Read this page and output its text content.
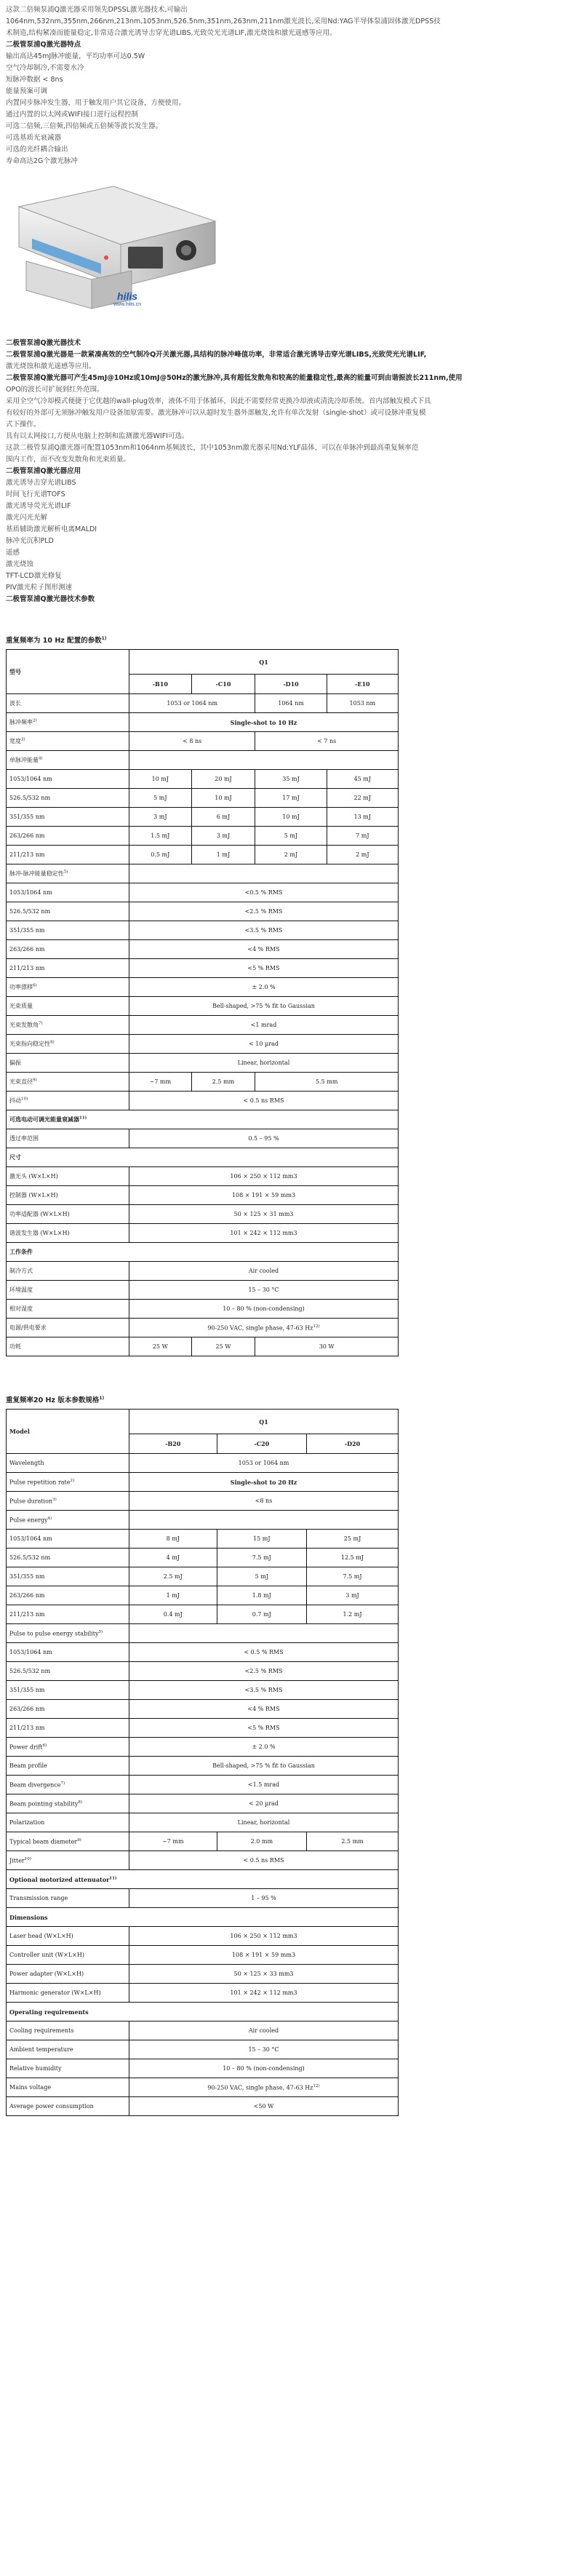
这款二倍频泵浦Q激光器采用领先DPSSL激光器技术,可输出

1064nm,532nm,355nm,266nm,213nm,1053nm,526.5nm,351nm,263nm,211nm激光波长,采用Nd:YAG半导体泵浦固体激光DPSS技

术制造,结构紧凑而能量稳定,非常适合激光诱导击穿光谱LIBS,光致荧光光谱LIF,激光烧蚀和激光遥感等应用。

二极管泵浦Q激光器特点

输出高达45mJ脉冲能量，平均功率可达0.5W

空气冷却制冷,不需要水冷

短脉冲数据 < 8ns

能量预案可调

内置同步脉冲发生器，用于触发用户其它设备，方便使用。

通过内置的以太网或WIFI接口进行远程控制

可选二倍频,三倍频,四倍频或五倍频等波长发生器。

可选基质光衰减器

可选的光纤耦合输出

寿命高达2G个激光脉冲

hilis
www.hilis.cn

二极管泵浦Q激光器技术

二极管泵浦Q激光器是一款紧凑高效的空气制冷Q开关激光器,具结构的脉冲峰值功率，非常适合激光诱导击穿光谱LIBS,光致荧光光谱LIF,

激光烧蚀和激光遥感等应用。

二极管泵浦Q激光器可产生45mJ@10Hz或10mJ@50Hz的激光脉冲,具有超低发散角和较高的能量稳定性,最高的能量可到由谐振波长211nm,使用

OPO的波长可扩展到红外范围。

采用全空气冷却模式便捷于它优越的wall-plug效率，液体不用于体循环，因此不需要经常更换冷却液或清洗冷却系统。首内部触发模式下具

有较好的外部可无须脉冲触发用户设备加原需要。激光脉冲可以从超时发生器外部触发,允许有单次发射（single-shot）或可设脉冲重复模

式下操作。

具有以太网接口,方便从电脑上控制和监测激光器WIFI可选。

这款二极管泵浦Q激光器可配置1053nm和1064nm基频波长，其中1053nm激光器采用Nd:YLF晶体，可以在单脉冲到最高重复频率范

围内工作，而不改变发散角和光束质量。

二极管泵浦Q激光器应用

激光诱导击穿光谱LIBS

时间飞行光谱TOFS

激光诱导荧光光谱LIF

激光闪光光解

基质辅助激光解析电离MALDI

脉冲光沉积PLD

遥感

激光烧蚀

TFT-LCD激光修复

PIV激光粒子图形测速

二极管泵浦Q激光器技术参数

重复频率为 10 Hz 配置的参数$^{1)}$
型号	Q1			
	-B10	-C10	-D10	-E10
波长	1053 or 1064 nm		1064 nm	1053 nm
脉冲频率$^{2)}$	Single-shot to 10 Hz			
宽度$^{3)}$	< 8 ns		< 7 ns	
单脉冲能量$^{4)}$	
1053/1064 nm	10 mJ	20 mJ	35 mJ	45 mJ
526.5/532 nm	5 mJ	10 mJ	17 mJ	22 mJ
351/355 nm	3 mJ	6 mJ	10 mJ	13 mJ
263/266 nm	1.5 mJ	3 mJ	5 mJ	7 mJ
211/213 nm	0.5 mJ	1 mJ	2 mJ	2 mJ
脉冲-脉冲能量稳定性$^{5)}$	
1053/1064 nm	<0.5 % RMS			
526.5/532 nm	<2.5 % RMS			
351/355 nm	<3.5 % RMS			
263/266 nm	<4 % RMS			
211/213 nm	<5 % RMS			
功率漂移$^{6)}$	± 2.0 %			
光束质量	Bell-shaped, >75 % fit to Gaussian			
光束发散角$^{7)}$	<1 mrad			
光束指向稳定性$^{8)}$	< 10 µrad			
偏振	Linear, horizontal			
光束直径$^{9)}$	~7 mm	2.5 mm	5.5 mm	
抖动$^{10)}$	< 0.5 ns RMS			
可选电动可调光能量衰减器$^{11)}$
透过率范围	0.5 – 95 %			
尺寸				
激光头 (W×L×H)	106 × 250 × 112 mm3			
控制器 (W×L×H)	108 × 191 × 59 mm3			
功率适配器 (W×L×H)	50 × 125 × 31 mm3			
谐波发生器 (W×L×H)	101 × 242 × 112 mm3			
工作条件				
制冷方式	Air cooled			
环境温度	15 – 30 °C			
相对湿度	10 – 80 % (non-condensing)			
电源/供电要求	90-250 VAC, single phase, 47-63 Hz$^{12)}$
功耗	25 W	25 W	30 W	
重复频率20 Hz 版本参数规格$^{1)}$
Model	Q1		
	-B20	-C20	-D20
Wavelength	1053 or 1064 nm		
Pulse repetition rate$^{2)}$	Single-shot to 20 Hz		
Pulse duration$^{3)}$	<8 ns		
Pulse energy$^{4)}$	
1053/1064 nm	8 mJ	15 mJ	25 mJ
526.5/532 nm	4 mJ	7.5 mJ	12.5 mJ
351/355 nm	2.5 mJ	5 mJ	7.5 mJ
263/266 nm	1 mJ	1.8 mJ	3 mJ
211/213 nm	0.4 mJ	0.7 mJ	1.2 mJ
Pulse to pulse energy stability$^{5)}$	
1053/1064 nm	< 0.5 % RMS		
526.5/532 nm	<2.5 % RMS		
351/355 nm	<3.5 % RMS		
263/266 nm	<4 % RMS		
211/213 nm	<5 % RMS		
Power drift$^{6)}$	± 2.0 %		
Beam profile	Bell-shaped, >75 % fit to Gaussian		
Beam divergence$^{7)}$	<1.5 mrad		
Beam pointing stability$^{8)}$	< 20 µrad		
Polarization	Linear, horizontal		
Typical beam diameter$^{9)}$	~7 mm	2.0 mm	2.5 mm
Jitter$^{10)}$	< 0.5 ns RMS		
Optional motorized attenuator$^{11)}$
Transmission range	1 – 95 %		
Dimensions			
Laser head (W×L×H)	106 × 250 × 112 mm3		
Controller unit (W×L×H)	108 × 191 × 59 mm3		
Power adapter (W×L×H)	50 × 125 × 33 mm3		
Harmonic generator (W×L×H)	101 × 242 × 112 mm3		
Operating requirements			
Cooling requirements	Air cooled		
Ambient temperature	15 – 30 °C		
Relative humidity	10 – 80 % (non-condensing)		
Mains voltage	90-250 VAC, single phase, 47-63 Hz$^{12)}$
Average power consumption	<50 W		
